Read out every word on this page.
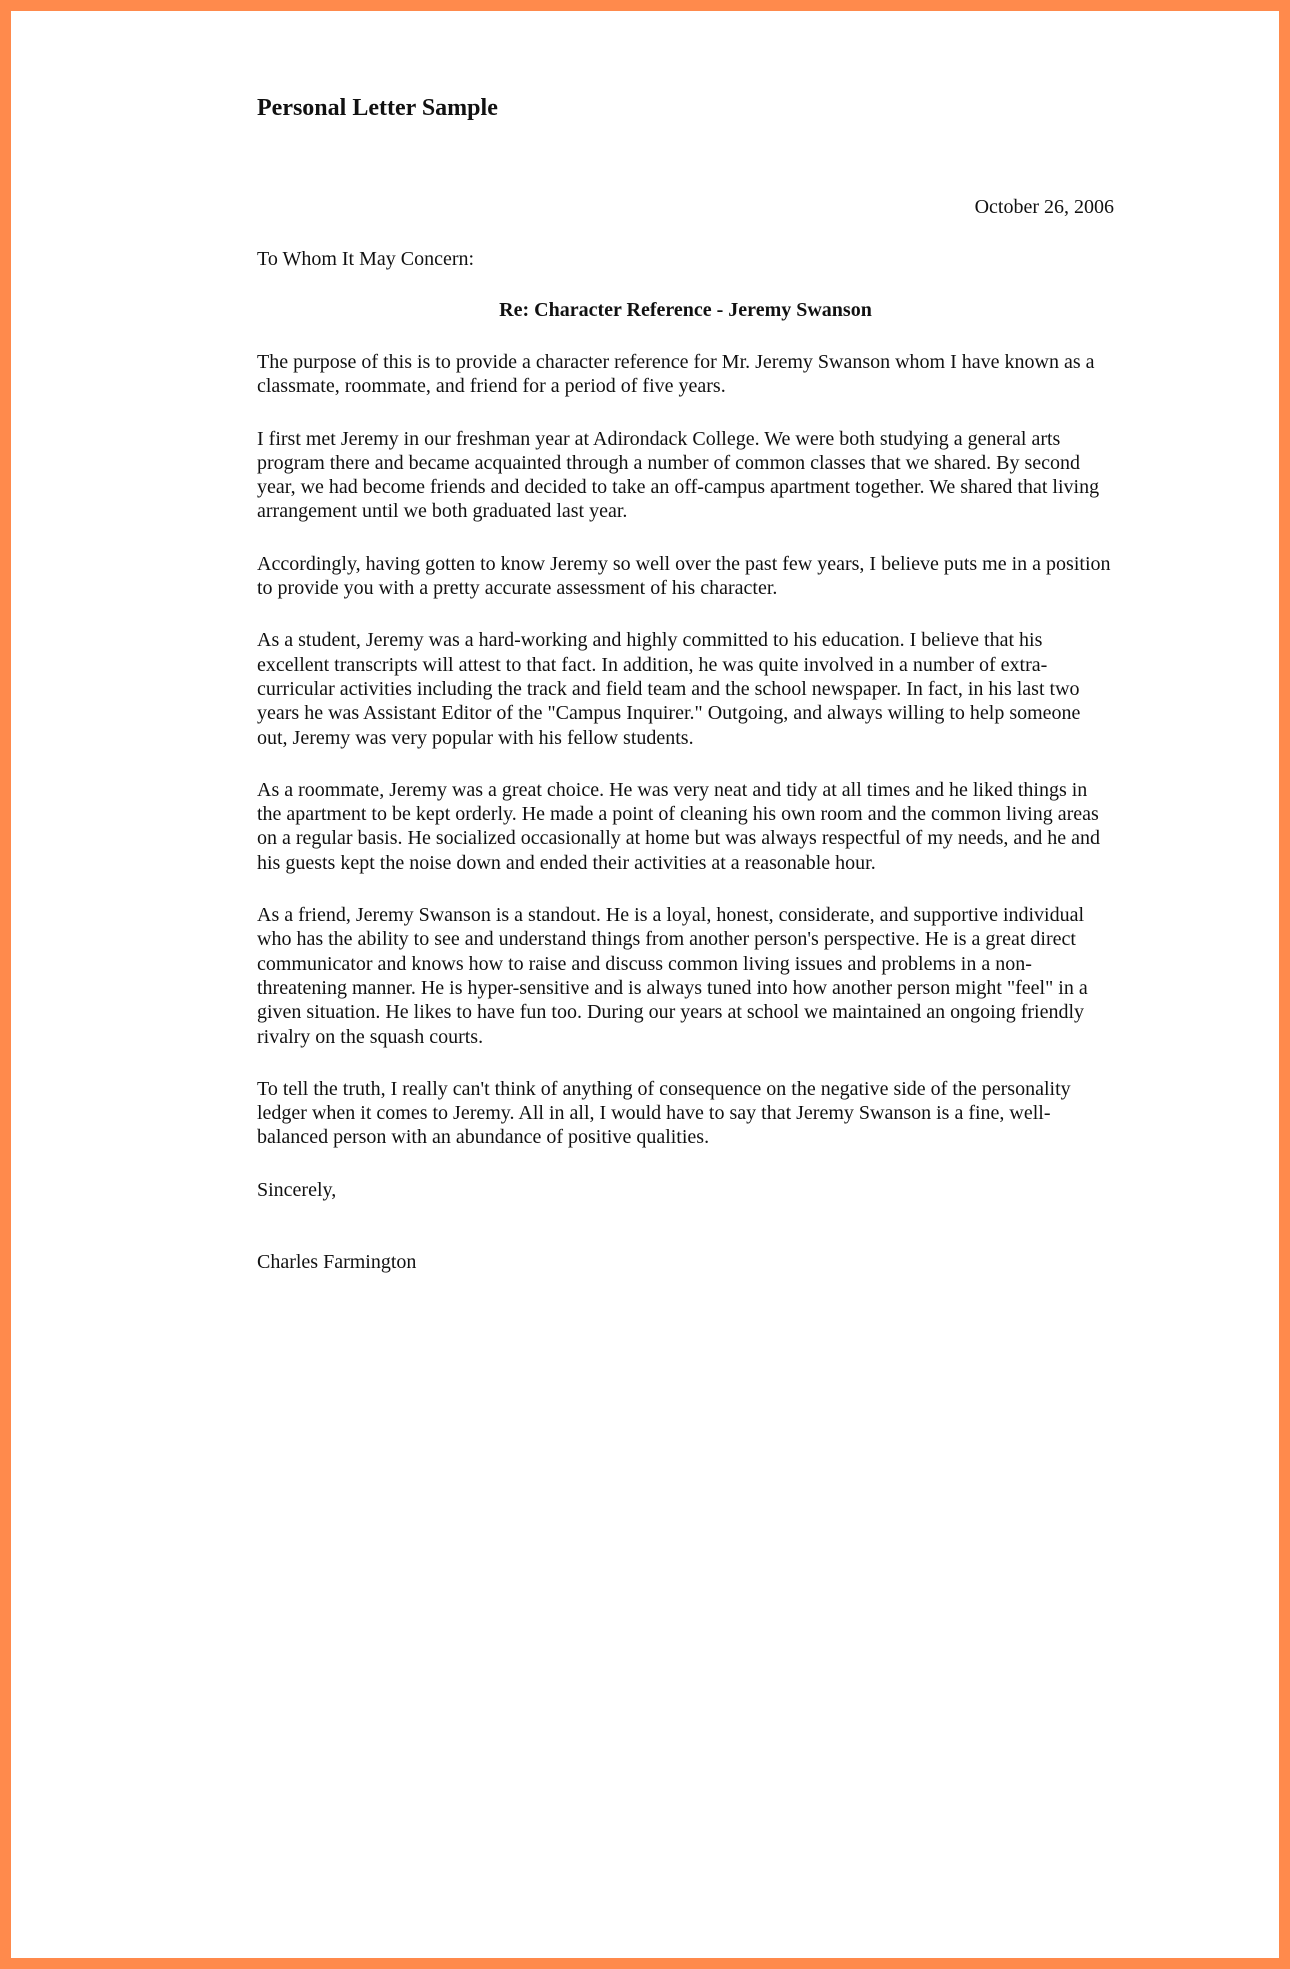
Personal Letter Sample
October 26, 2006
To Whom It May Concern:
Re: Character Reference - Jeremy Swanson

The purpose of this is to provide a character reference for Mr. Jeremy Swanson whom I have known as a classmate, roommate, and friend for a period of five years.

I first met Jeremy in our freshman year at Adirondack College. We were both studying a general arts program there and became acquainted through a number of common classes that we shared. By second year, we had become friends and decided to take an off-campus apartment together. We shared that living arrangement until we both graduated last year.

Accordingly, having gotten to know Jeremy so well over the past few years, I believe puts me in a position to provide you with a pretty accurate assessment of his character.

As a student, Jeremy was a hard-working and highly committed to his education. I believe that his excellent transcripts will attest to that fact. In addition, he was quite involved in a number of extra-curricular activities including the track and field team and the school newspaper. In fact, in his last two years he was Assistant Editor of the "Campus Inquirer." Outgoing, and always willing to help someone out, Jeremy was very popular with his fellow students.

As a roommate, Jeremy was a great choice. He was very neat and tidy at all times and he liked things in the apartment to be kept orderly. He made a point of cleaning his own room and the common living areas on a regular basis. He socialized occasionally at home but was always respectful of my needs, and he and his guests kept the noise down and ended their activities at a reasonable hour.

As a friend, Jeremy Swanson is a standout. He is a loyal, honest, considerate, and supportive individual who has the ability to see and understand things from another person's perspective. He is a great direct communicator and knows how to raise and discuss common living issues and problems in a non-threatening manner. He is hyper-sensitive and is always tuned into how another person might "feel" in a given situation. He likes to have fun too. During our years at school we maintained an ongoing friendly rivalry on the squash courts.

To tell the truth, I really can't think of anything of consequence on the negative side of the personality ledger when it comes to Jeremy. All in all, I would have to say that Jeremy Swanson is a fine, well-balanced person with an abundance of positive qualities.

Sincerely,
Charles Farmington
